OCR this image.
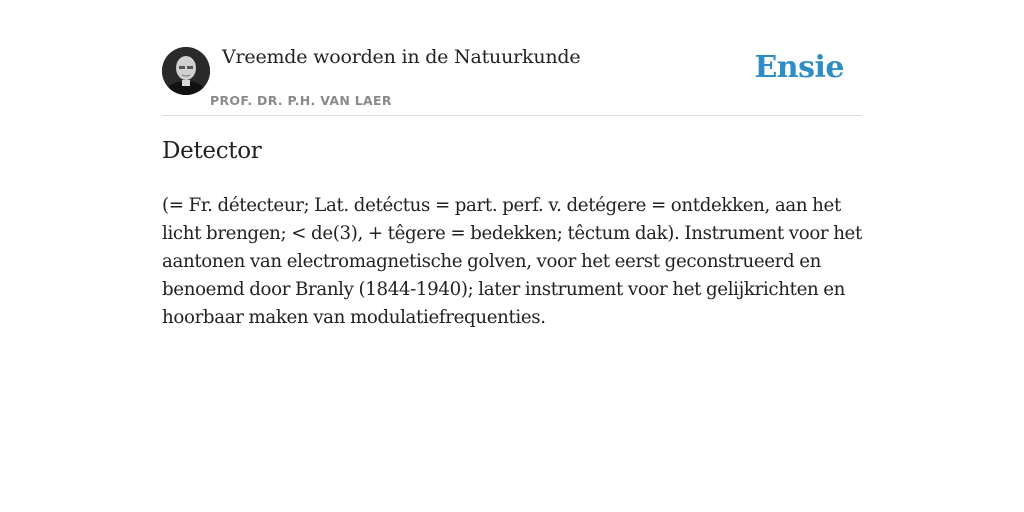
Vreemde woorden in de Natuurkunde
PROF. DR. P.H. VAN LAER
Ensie
Detector

(= Fr. détecteur; Lat. detéctus = part. perf. v. detégere = ontdekken, aan het licht brengen; < de(3), + têgere = bedekken; têctum dak). Instrument voor het aantonen van electromagnetische golven, voor het eerst geconstrueerd en benoemd door Branly (1844-1940); later instrument voor het gelijkrichten en hoorbaar maken van modulatiefrequenties.
